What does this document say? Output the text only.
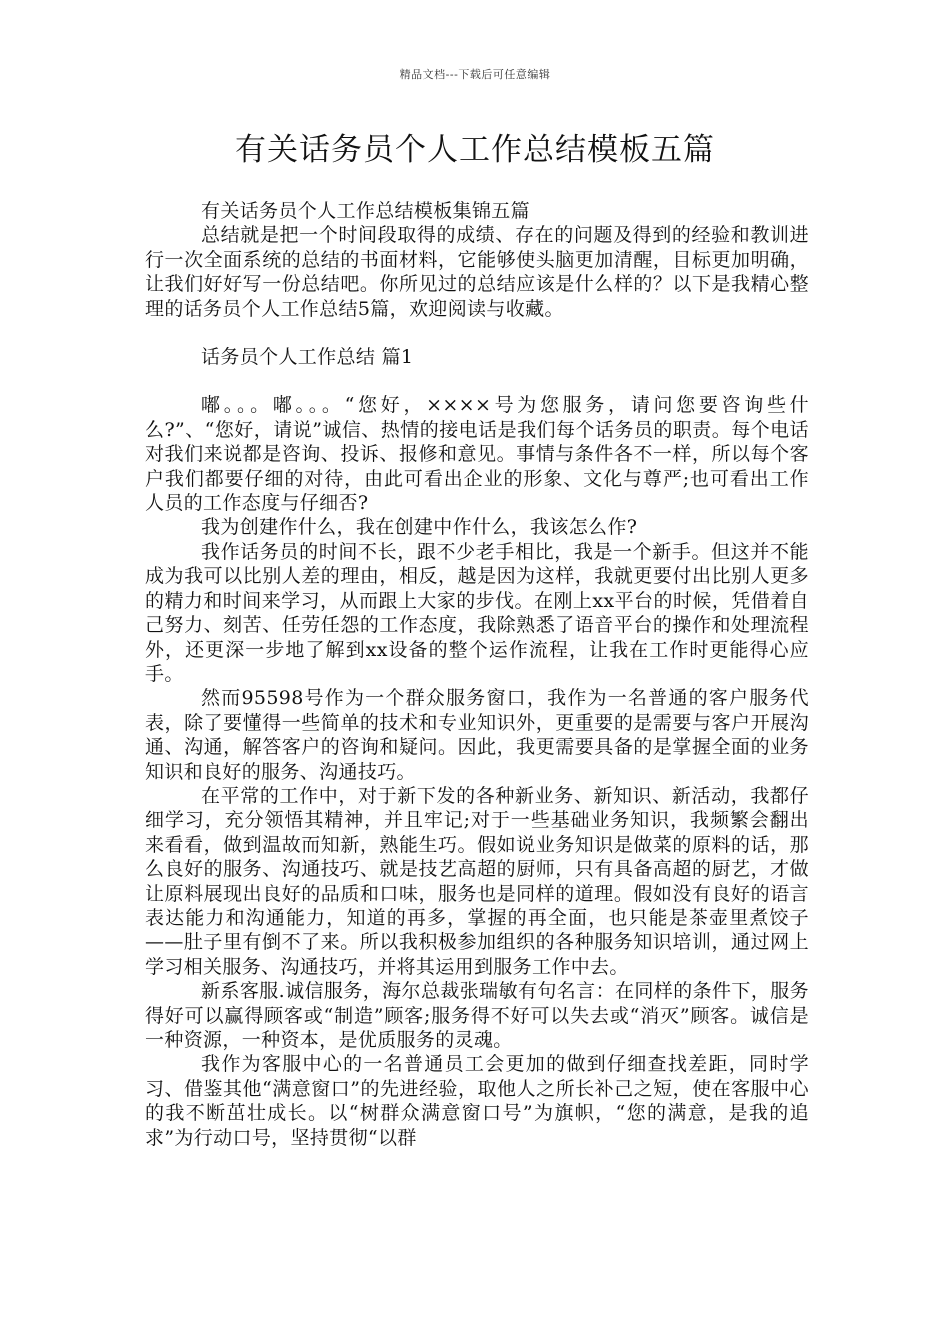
精品文档---下载后可任意编辑
有关话务员个人工作总结模板五篇

有关话务员个人工作总结模板集锦五篇

总结就是把一个时间段取得的成绩、存在的问题及得到的经验和教训进行一次全面系统的总结的书面材料，它能够使头脑更加清醒，目标更加明确，让我们好好写一份总结吧。你所见过的总结应该是什么样的？以下是我精心整理的话务员个人工作总结5篇，欢迎阅读与收藏。

话务员个人工作总结 篇1

嘟。。。嘟。。。“您好，××××号为您服务，请问您要咨询些什么?”、“您好，请说”诚信、热情的接电话是我们每个话务员的职责。每个电话对我们来说都是咨询、投诉、报修和意见。事情与条件各不一样，所以每个客户我们都要仔细的对待，由此可看出企业的形象、文化与尊严;也可看出工作人员的工作态度与仔细否?

我为创建作什么，我在创建中作什么，我该怎么作?

我作话务员的时间不长，跟不少老手相比，我是一个新手。但这并不能成为我可以比别人差的理由，相反，越是因为这样，我就更要付出比别人更多的精力和时间来学习，从而跟上大家的步伐。在刚上xx平台的时候，凭借着自己努力、刻苦、任劳任怨的工作态度，我除熟悉了语音平台的操作和处理流程外，还更深一步地了解到xx设备的整个运作流程，让我在工作时更能得心应手。

然而95598号作为一个群众服务窗口，我作为一名普通的客户服务代表，除了要懂得一些简单的技术和专业知识外，更重要的是需要与客户开展沟通、沟通，解答客户的咨询和疑问。因此，我更需要具备的是掌握全面的业务知识和良好的服务、沟通技巧。

在平常的工作中，对于新下发的各种新业务、新知识、新活动，我都仔细学习，充分领悟其精神，并且牢记;对于一些基础业务知识，我频繁会翻出来看看，做到温故而知新，熟能生巧。假如说业务知识是做菜的原料的话，那么良好的服务、沟通技巧、就是技艺高超的厨师，只有具备高超的厨艺，才做让原料展现出良好的品质和口味，服务也是同样的道理。假如没有良好的语言表达能力和沟通能力，知道的再多，掌握的再全面，也只能是茶壶里煮饺子——肚子里有倒不了来。所以我积极参加组织的各种服务知识培训，通过网上学习相关服务、沟通技巧，并将其运用到服务工作中去。

新系客服.诚信服务，海尔总裁张瑞敏有句名言：在同样的条件下，服务得好可以赢得顾客或“制造”顾客;服务得不好可以失去或“消灭”顾客。诚信是一种资源，一种资本，是优质服务的灵魂。

我作为客服中心的一名普通员工会更加的做到仔细查找差距，同时学习、借鉴其他“满意窗口”的先进经验，取他人之所长补己之短，使在客服中心的我不断茁壮成长。以“树群众满意窗口号”为旗帜，“您的满意，是我的追求”为行动口号，坚持贯彻“以群
